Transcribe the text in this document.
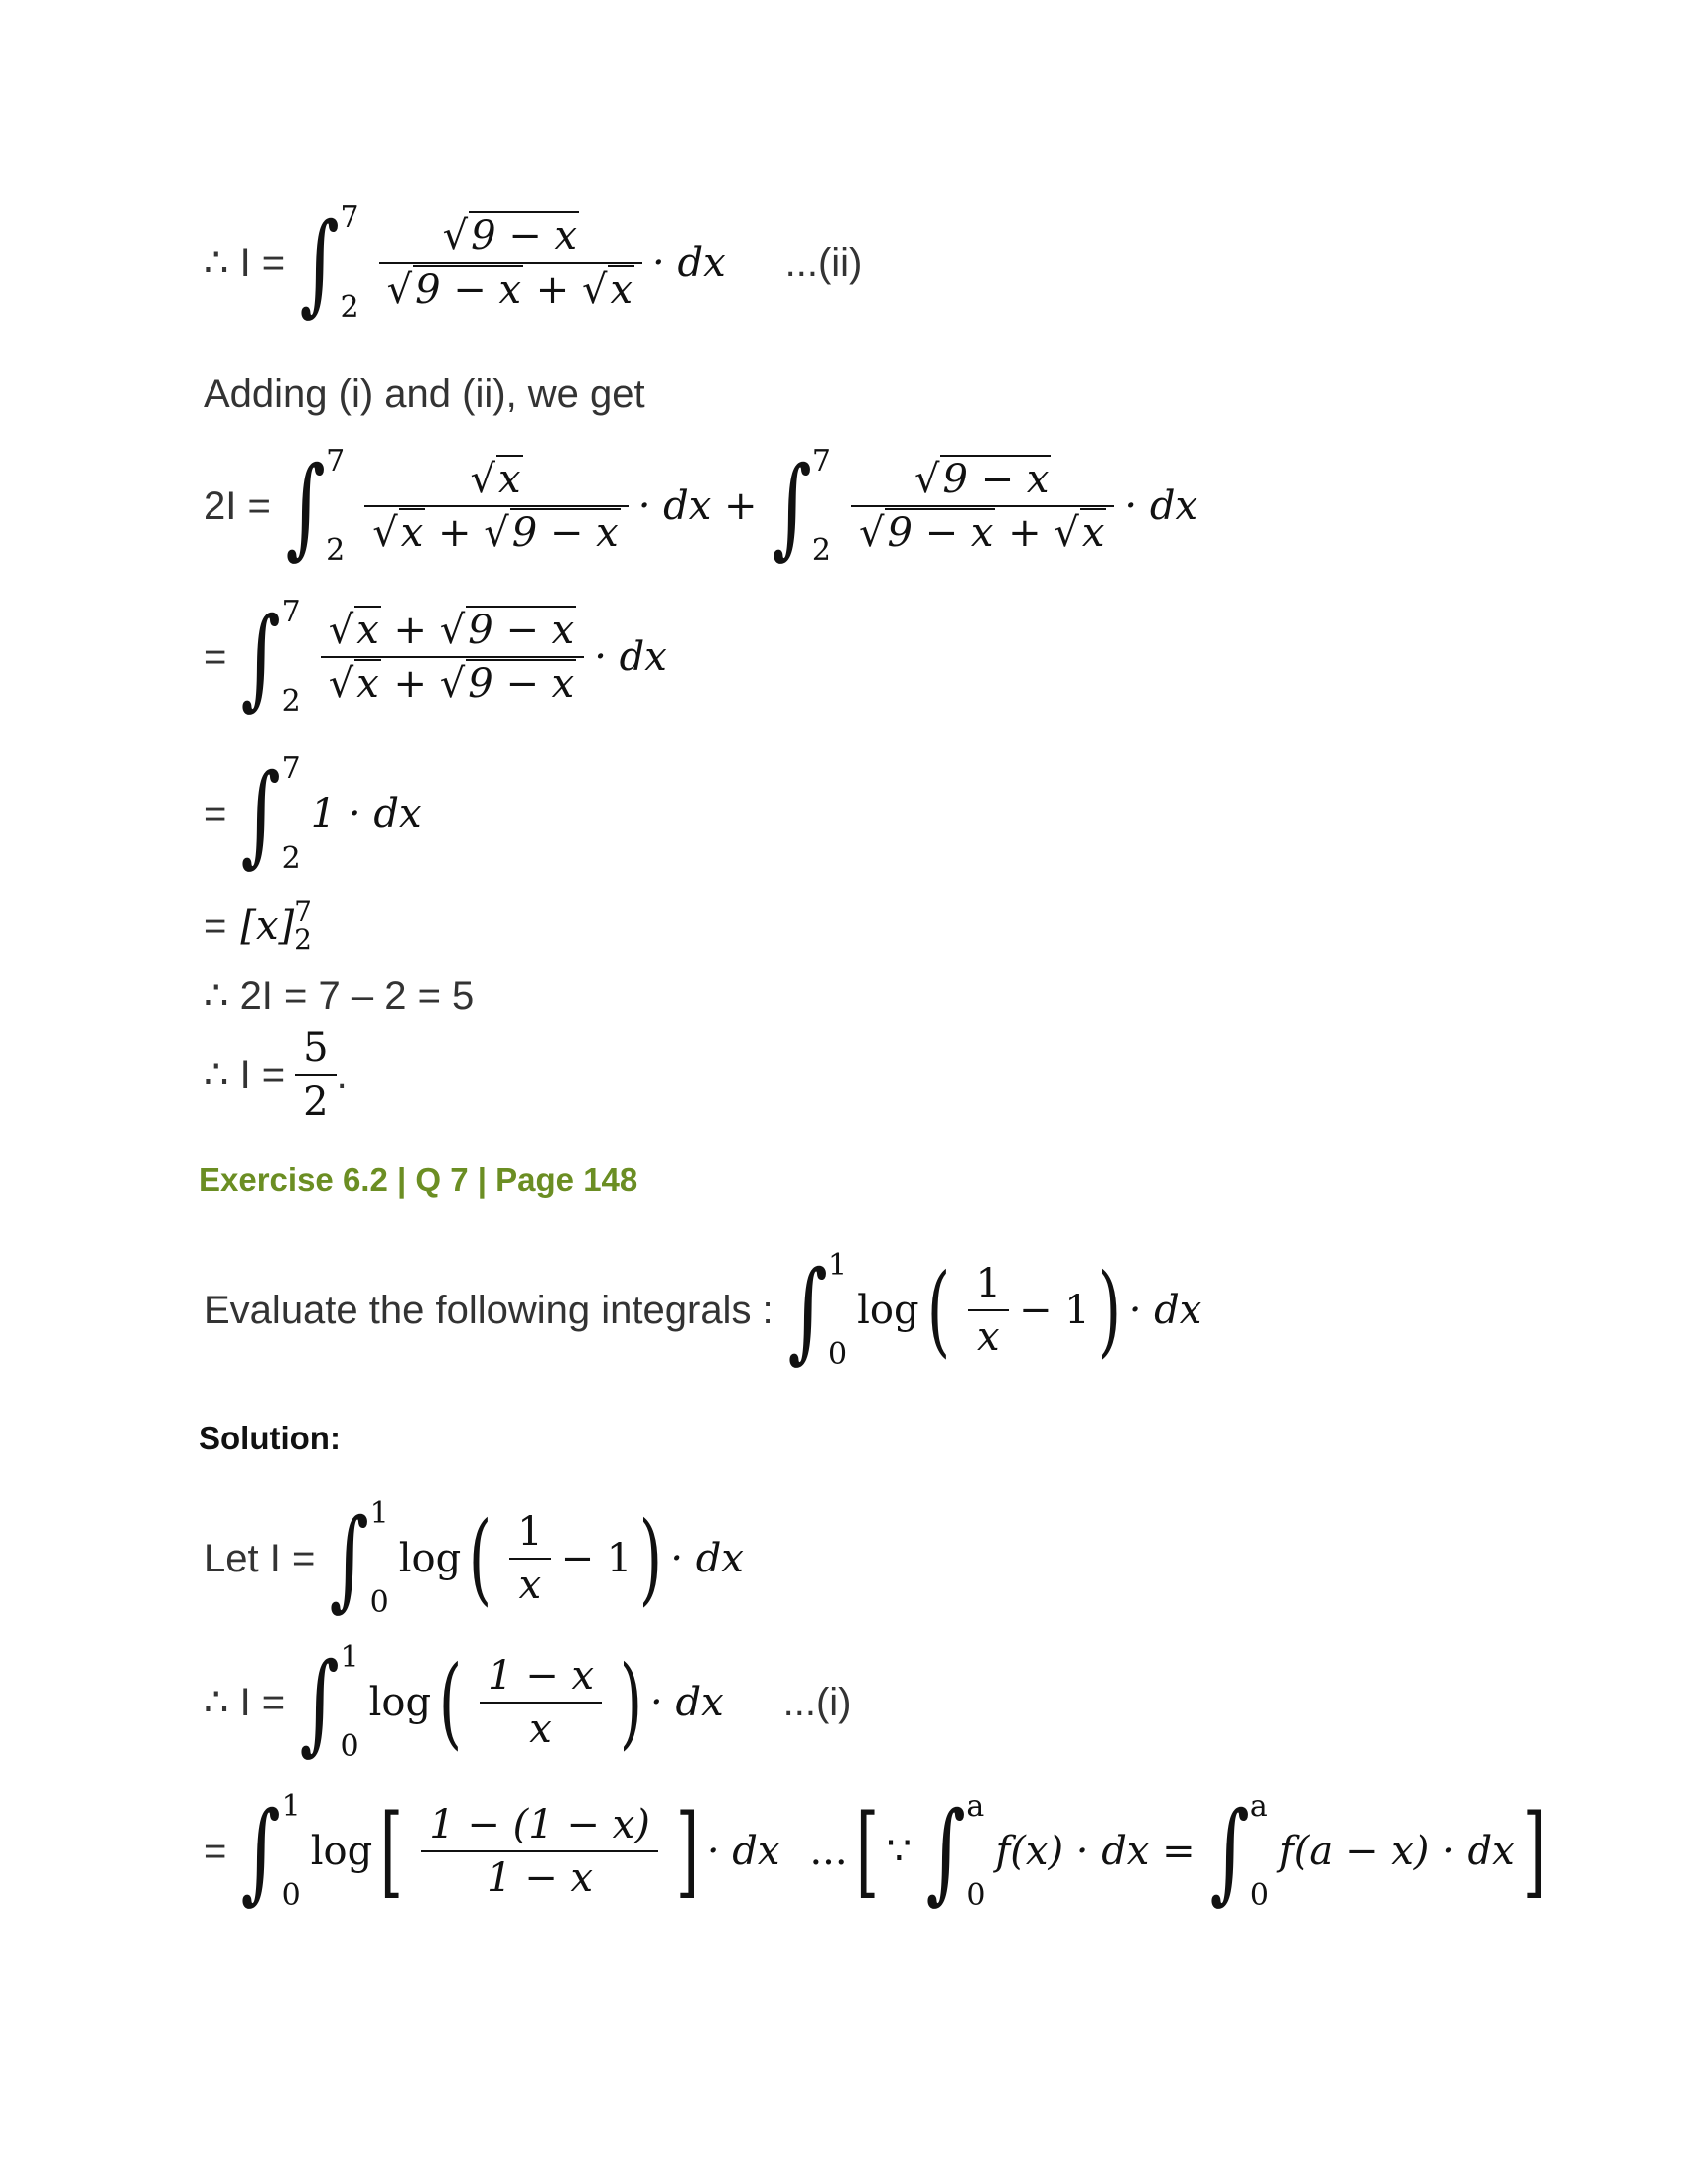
∴ I = ∫ 7
$2 \frac{√9 - x}{√9 - x + √x}$ · dx ...(ii)
Adding (i) and (ii), we get
2I = ∫ 7
$2 \frac{√x}{√x + √9 - x}$ · dx + ∫ 7
$2 \frac{√9 - x}{√9 - x + √x}$ · dx
= ∫ 7
$2 \frac{√x + √9 - x}{√x + √9 - x}$ · dx
= ∫ 7
2
1 · dx
= [x] 7
2
∴ 2I = 7 – 2 = 5
∴ $I = \frac{5}{2}$ .
Exercise 6.2 | Q 7 | Page 148
Evaluate the following integrals : ∫ 1
0
log ( $\frac{1}{x} - 1$ ) · dx
Solution:
Let I = ∫ 1
0
log ( $\frac{1}{x} - 1$ ) · dx
∴ I = ∫ 1
0
log ( $\frac{1 - x}{x}$ ) · dx ...(i)
= ∫ 1
0
log [ $\frac{1 - (1 - x)}{1 - x}$ ] · dx ... [ ∵ ∫ a
0
f(x) · dx = ∫ a
0
f(a − x) · dx ]
